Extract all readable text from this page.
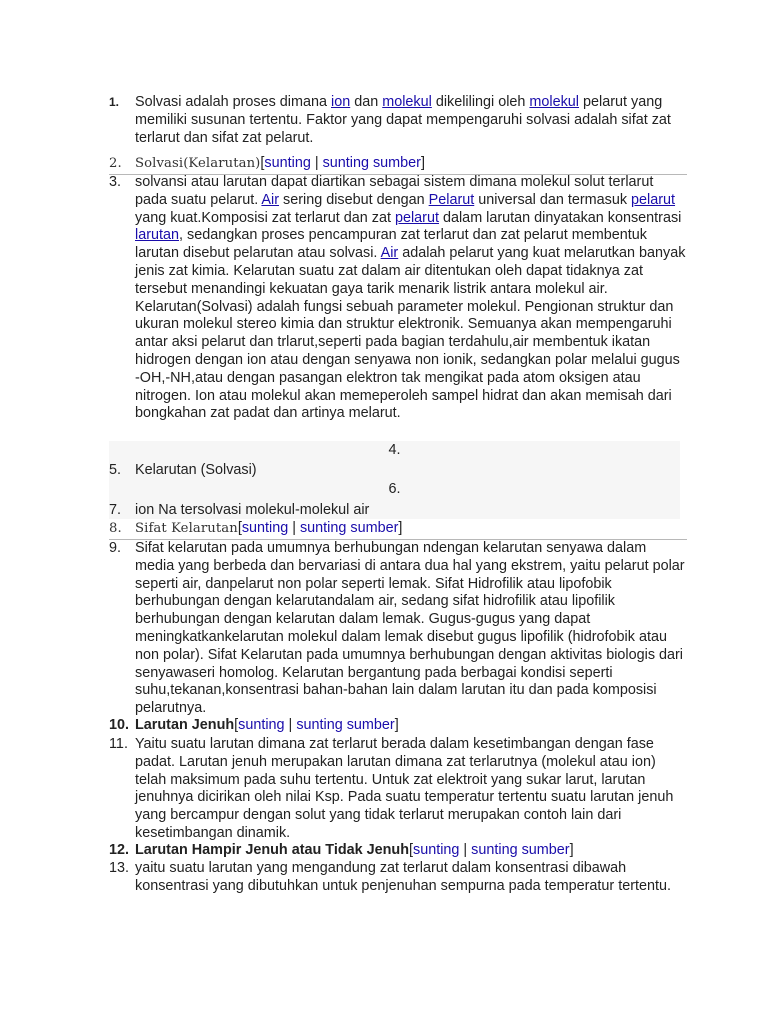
1.	Solvasi adalah proses dimana ion dan molekul dikelilingi oleh molekul pelarut yang memiliki susunan tertentu. Faktor yang dapat mempengaruhi solvasi adalah sifat zat terlarut dan sifat zat pelarut.
2.	Solvasi(Kelarutan)[sunting | sunting sumber]
3. solvansi atau larutan dapat diartikan sebagai sistem dimana molekul solut terlarut pada suatu pelarut. Air sering disebut dengan Pelarut universal dan termasuk pelarut yang kuat.Komposisi zat terlarut dan zat pelarut dalam larutan dinyatakan konsentrasi larutan, sedangkan proses pencampuran zat terlarut dan zat pelarut membentuk larutan disebut pelarutan atau solvasi. Air adalah pelarut yang kuat melarutkan banyak jenis zat kimia. Kelarutan suatu zat dalam air ditentukan oleh dapat tidaknya zat tersebut menandingi kekuatan gaya tarik menarik listrik antara molekul air. Kelarutan(Solvasi) adalah fungsi sebuah parameter molekul. Pengionan struktur dan ukuran molekul stereo kimia dan struktur elektronik. Semuanya akan mempengaruhi antar aksi pelarut dan trlarut,seperti pada bagian terdahulu,air membentuk ikatan hidrogen dengan ion atau dengan senyawa non ionik, sedangkan polar melalui gugus -OH,-NH,atau dengan pasangan elektron tak mengikat pada atom oksigen atau nitrogen. Ion atau molekul akan memeperoleh sampel hidrat dan akan memisah dari bongkahan zat padat dan artinya melarut.
4.
5. Kelarutan (Solvasi)
6.
7. ion Na tersolvasi molekul-molekul air
8.	Sifat Kelarutan[sunting | sunting sumber]
9. Sifat kelarutan pada umumnya berhubungan ndengan kelarutan senyawa dalam media yang berbeda dan bervariasi di antara dua hal yang ekstrem, yaitu pelarut polar seperti air, danpelarut non polar seperti lemak. Sifat Hidrofilik atau lipofobik berhubungan dengan kelarutandalam air, sedang sifat hidrofilik atau lipofilik berhubungan dengan kelarutan dalam lemak. Gugus-gugus yang dapat meningkatkankelarutan molekul dalam lemak disebut gugus lipofilik (hidrofobik atau non polar). Sifat Kelarutan pada umumnya berhubungan dengan aktivitas biologis dari senyawaseri homolog. Kelarutan bergantung pada berbagai kondisi seperti suhu,tekanan,konsentrasi bahan-bahan lain dalam larutan itu dan pada komposisi pelarutnya.
10. Larutan Jenuh[sunting | sunting sumber]
11. Yaitu suatu larutan dimana zat terlarut berada dalam kesetimbangan dengan fase padat. Larutan jenuh merupakan larutan dimana zat terlarutnya (molekul atau ion) telah maksimum pada suhu tertentu. Untuk zat elektroit yang sukar larut, larutan jenuhnya dicirikan oleh nilai Ksp. Pada suatu temperatur tertentu suatu larutan jenuh yang bercampur dengan solut yang tidak terlarut merupakan contoh lain dari kesetimbangan dinamik.
12. Larutan Hampir Jenuh atau Tidak Jenuh[sunting | sunting sumber]
13. yaitu suatu larutan yang mengandung zat terlarut dalam konsentrasi dibawah konsentrasi yang dibutuhkan untuk penjenuhan sempurna pada temperatur tertentu.
